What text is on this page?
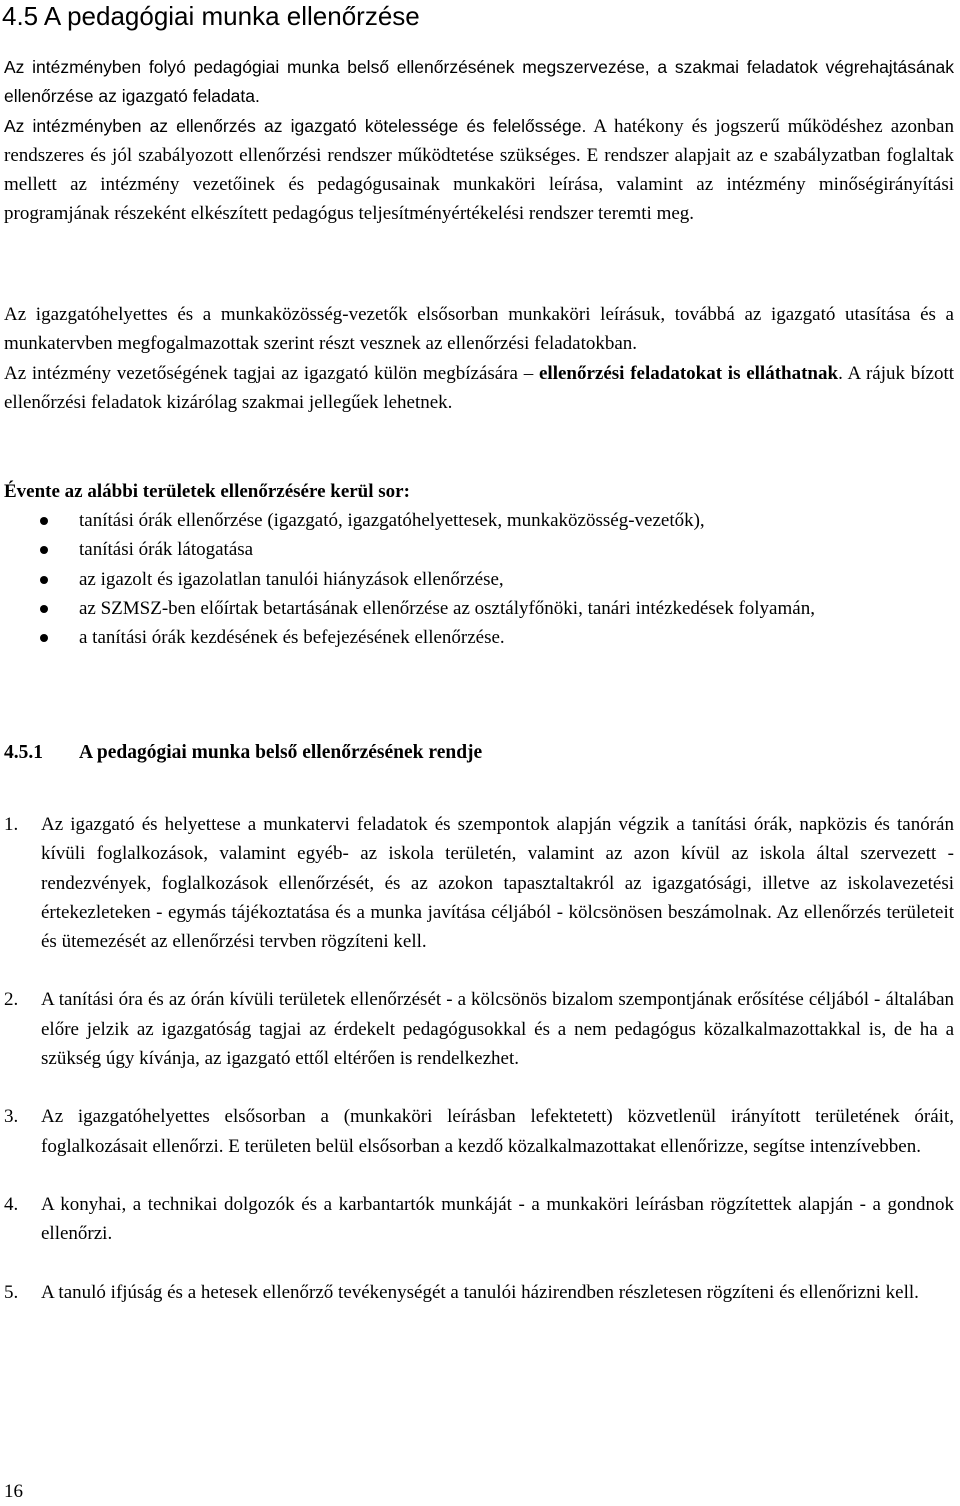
4.5 A pedagógiai munka ellenőrzése

Az intézményben folyó pedagógiai munka belső ellenőrzésének megszervezése, a szakmai feladatok végrehajtásának ellenőrzése az igazgató feladata.
Az intézményben az ellenőrzés az igazgató kötelessége és felelőssége. A hatékony és jogszerű működéshez azonban rendszeres és jól szabályozott ellenőrzési rendszer működtetése szükséges. E rendszer alapjait az e szabályzatban foglaltak mellett az intézmény vezetőinek és pedagógusainak munkaköri leírása, valamint az intézmény minőségirányítási programjának részeként elkészített pedagógus teljesítményértékelési rendszer teremti meg.

Az igazgatóhelyettes és a munkaközösség-vezetők elsősorban munkaköri leírásuk, továbbá az igazgató utasítása és a munkatervben megfogalmazottak szerint részt vesznek az ellenőrzési feladatokban.
Az intézmény vezetőségének tagjai az igazgató külön megbízására – ellenőrzési feladatokat is elláthatnak. A rájuk bízott ellenőrzési feladatok kizárólag szakmai jellegűek lehetnek.

Évente az alábbi területek ellenőrzésére kerül sor:

tanítási órák ellenőrzése (igazgató, igazgatóhelyettesek, munkaközösség-vezetők),
tanítási órák látogatása
az igazolt és igazolatlan tanulói hiányzások ellenőrzése,
az SZMSZ-ben előírtak betartásának ellenőrzése az osztályfőnöki, tanári intézkedések folyamán,
a tanítási órák kezdésének és befejezésének ellenőrzése.
4.5.1 A pedagógiai munka belső ellenőrzésének rendje
1. Az igazgató és helyettese a munkatervi feladatok és szempontok alapján végzik a tanítási órák, napközis és tanórán kívüli foglalkozások, valamint egyéb- az iskola területén, valamint az azon kívül az iskola által szervezett - rendezvények, foglalkozások ellenőrzését, és az azokon tapasztaltakról az igazgatósági, illetve az iskolavezetési értekezleteken - egymás tájékoztatása és a munka javítása céljából - kölcsönösen beszámolnak. Az ellenőrzés területeit és ütemezését az ellenőrzési tervben rögzíteni kell.
2. A tanítási óra és az órán kívüli területek ellenőrzését - a kölcsönös bizalom szempontjának erősítése céljából - általában előre jelzik az igazgatóság tagjai az érdekelt pedagógusokkal és a nem pedagógus közalkalmazottakkal is, de ha a szükség úgy kívánja, az igazgató ettől eltérően is rendelkezhet.
3. Az igazgatóhelyettes elsősorban a (munkaköri leírásban lefektetett) közvetlenül irányított területének óráit, foglalkozásait ellenőrzi. E területen belül elsősorban a kezdő közalkalmazottakat ellenőrizze, segítse intenzívebben.
4. A konyhai, a technikai dolgozók és a karbantartók munkáját - a munkaköri leírásban rögzítettek alapján - a gondnok ellenőrzi.
5. A tanuló ifjúság és a hetesek ellenőrző tevékenységét a tanulói házirendben részletesen rögzíteni és ellenőrizni kell.
16
